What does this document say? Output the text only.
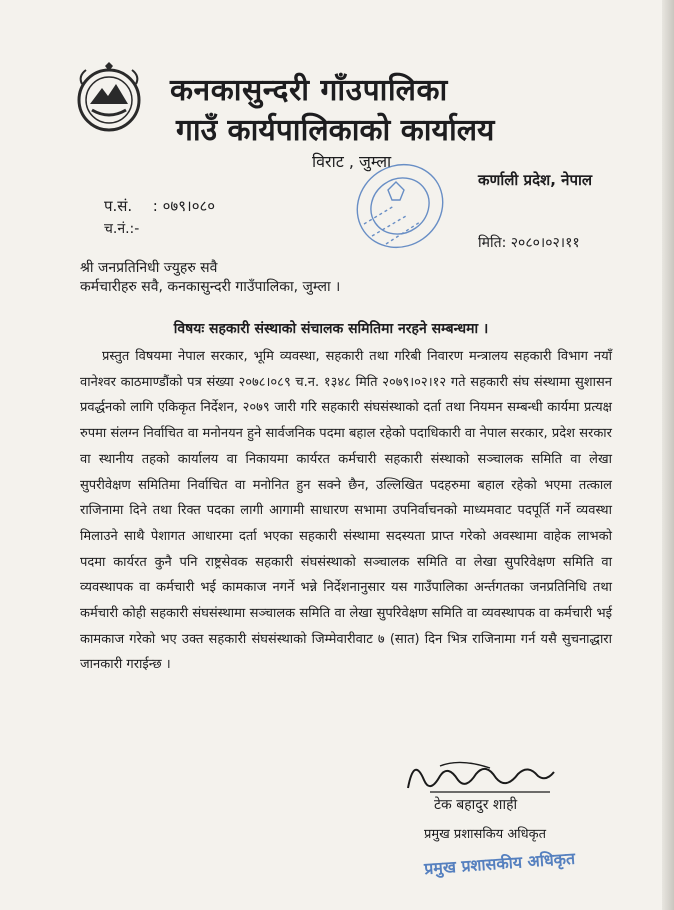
कनकासुन्दरी गाँउपालिका
गाउँ कार्यपालिकाको कार्यालय
विराट , जुम्ला
कर्णाली प्रदेश, नेपाल
प.सं. : ०७९।०८०
च.नं.:-
मिति: २०८०।०२।११
श्री जनप्रतिनिधी ज्युहरु सवै
कर्मचारीहरु सवै, कनकासुन्दरी गाउँपालिका, जुम्ला ।
विषयः सहकारी संस्थाको संचालक समितिमा नरहने सम्बन्धमा ।

प्रस्तुत विषयमा नेपाल सरकार, भूमि व्यवस्था, सहकारी तथा गरिबी निवारण मन्त्रालय सहकारी विभाग नयाँ वानेश्वर काठमाण्डौंको पत्र संख्या २०७८।०८९ च.न. १३४८ मिति २०७९।०२।१२ गते सहकारी संघ संस्थामा सुशासन प्रवर्द्धनको लागि एकिकृत निर्देशन, २०७९ जारी गरि सहकारी संघसंस्थाको दर्ता तथा नियमन सम्बन्धी कार्यमा प्रत्यक्ष रुपमा संलग्न निर्वाचित वा मनोनयन हुने सार्वजनिक पदमा बहाल रहेको पदाधिकारी वा नेपाल सरकार, प्रदेश सरकार वा स्थानीय तहको कार्यालय वा निकायमा कार्यरत कर्मचारी सहकारी संस्थाको सञ्चालक समिति वा लेखा सुपरीवेक्षण समितिमा निर्वाचित वा मनोनित हुन सक्ने छैन, उल्लिखित पदहरुमा बहाल रहेको भएमा तत्काल राजिनामा दिने तथा रिक्त पदका लागी आगामी साधारण सभामा उपनिर्वाचनको माध्यमवाट पदपूर्ति गर्ने व्यवस्था मिलाउने साथै पेशागत आधारमा दर्ता भएका सहकारी संस्थामा सदस्यता प्राप्त गरेको अवस्थामा वाहेक लाभको पदमा कार्यरत कुनै पनि राष्ट्रसेवक सहकारी संघसंस्थाको सञ्चालक समिति वा लेखा सुपरिवेक्षण समिति वा व्यवस्थापक वा कर्मचारी भई कामकाज नगर्ने भन्ने निर्देशनानुसार यस गाउँपालिका अर्न्तगतका जनप्रतिनिधि तथा कर्मचारी कोही सहकारी संघसंस्थामा सञ्चालक समिति वा लेखा सुपरिवेक्षण समिति वा व्यवस्थापक वा कर्मचारी भई कामकाज गरेको भए उक्त सहकारी संघसंस्थाको जिम्मेवारीवाट ७ (सात) दिन भित्र राजिनामा गर्न यसै सुचनाद्धारा जानकारी गराईन्छ ।

टेक बहादुर शाही
प्रमुख प्रशासकिय अधिकृत
प्रमुख प्रशासकीय अधिकृत
